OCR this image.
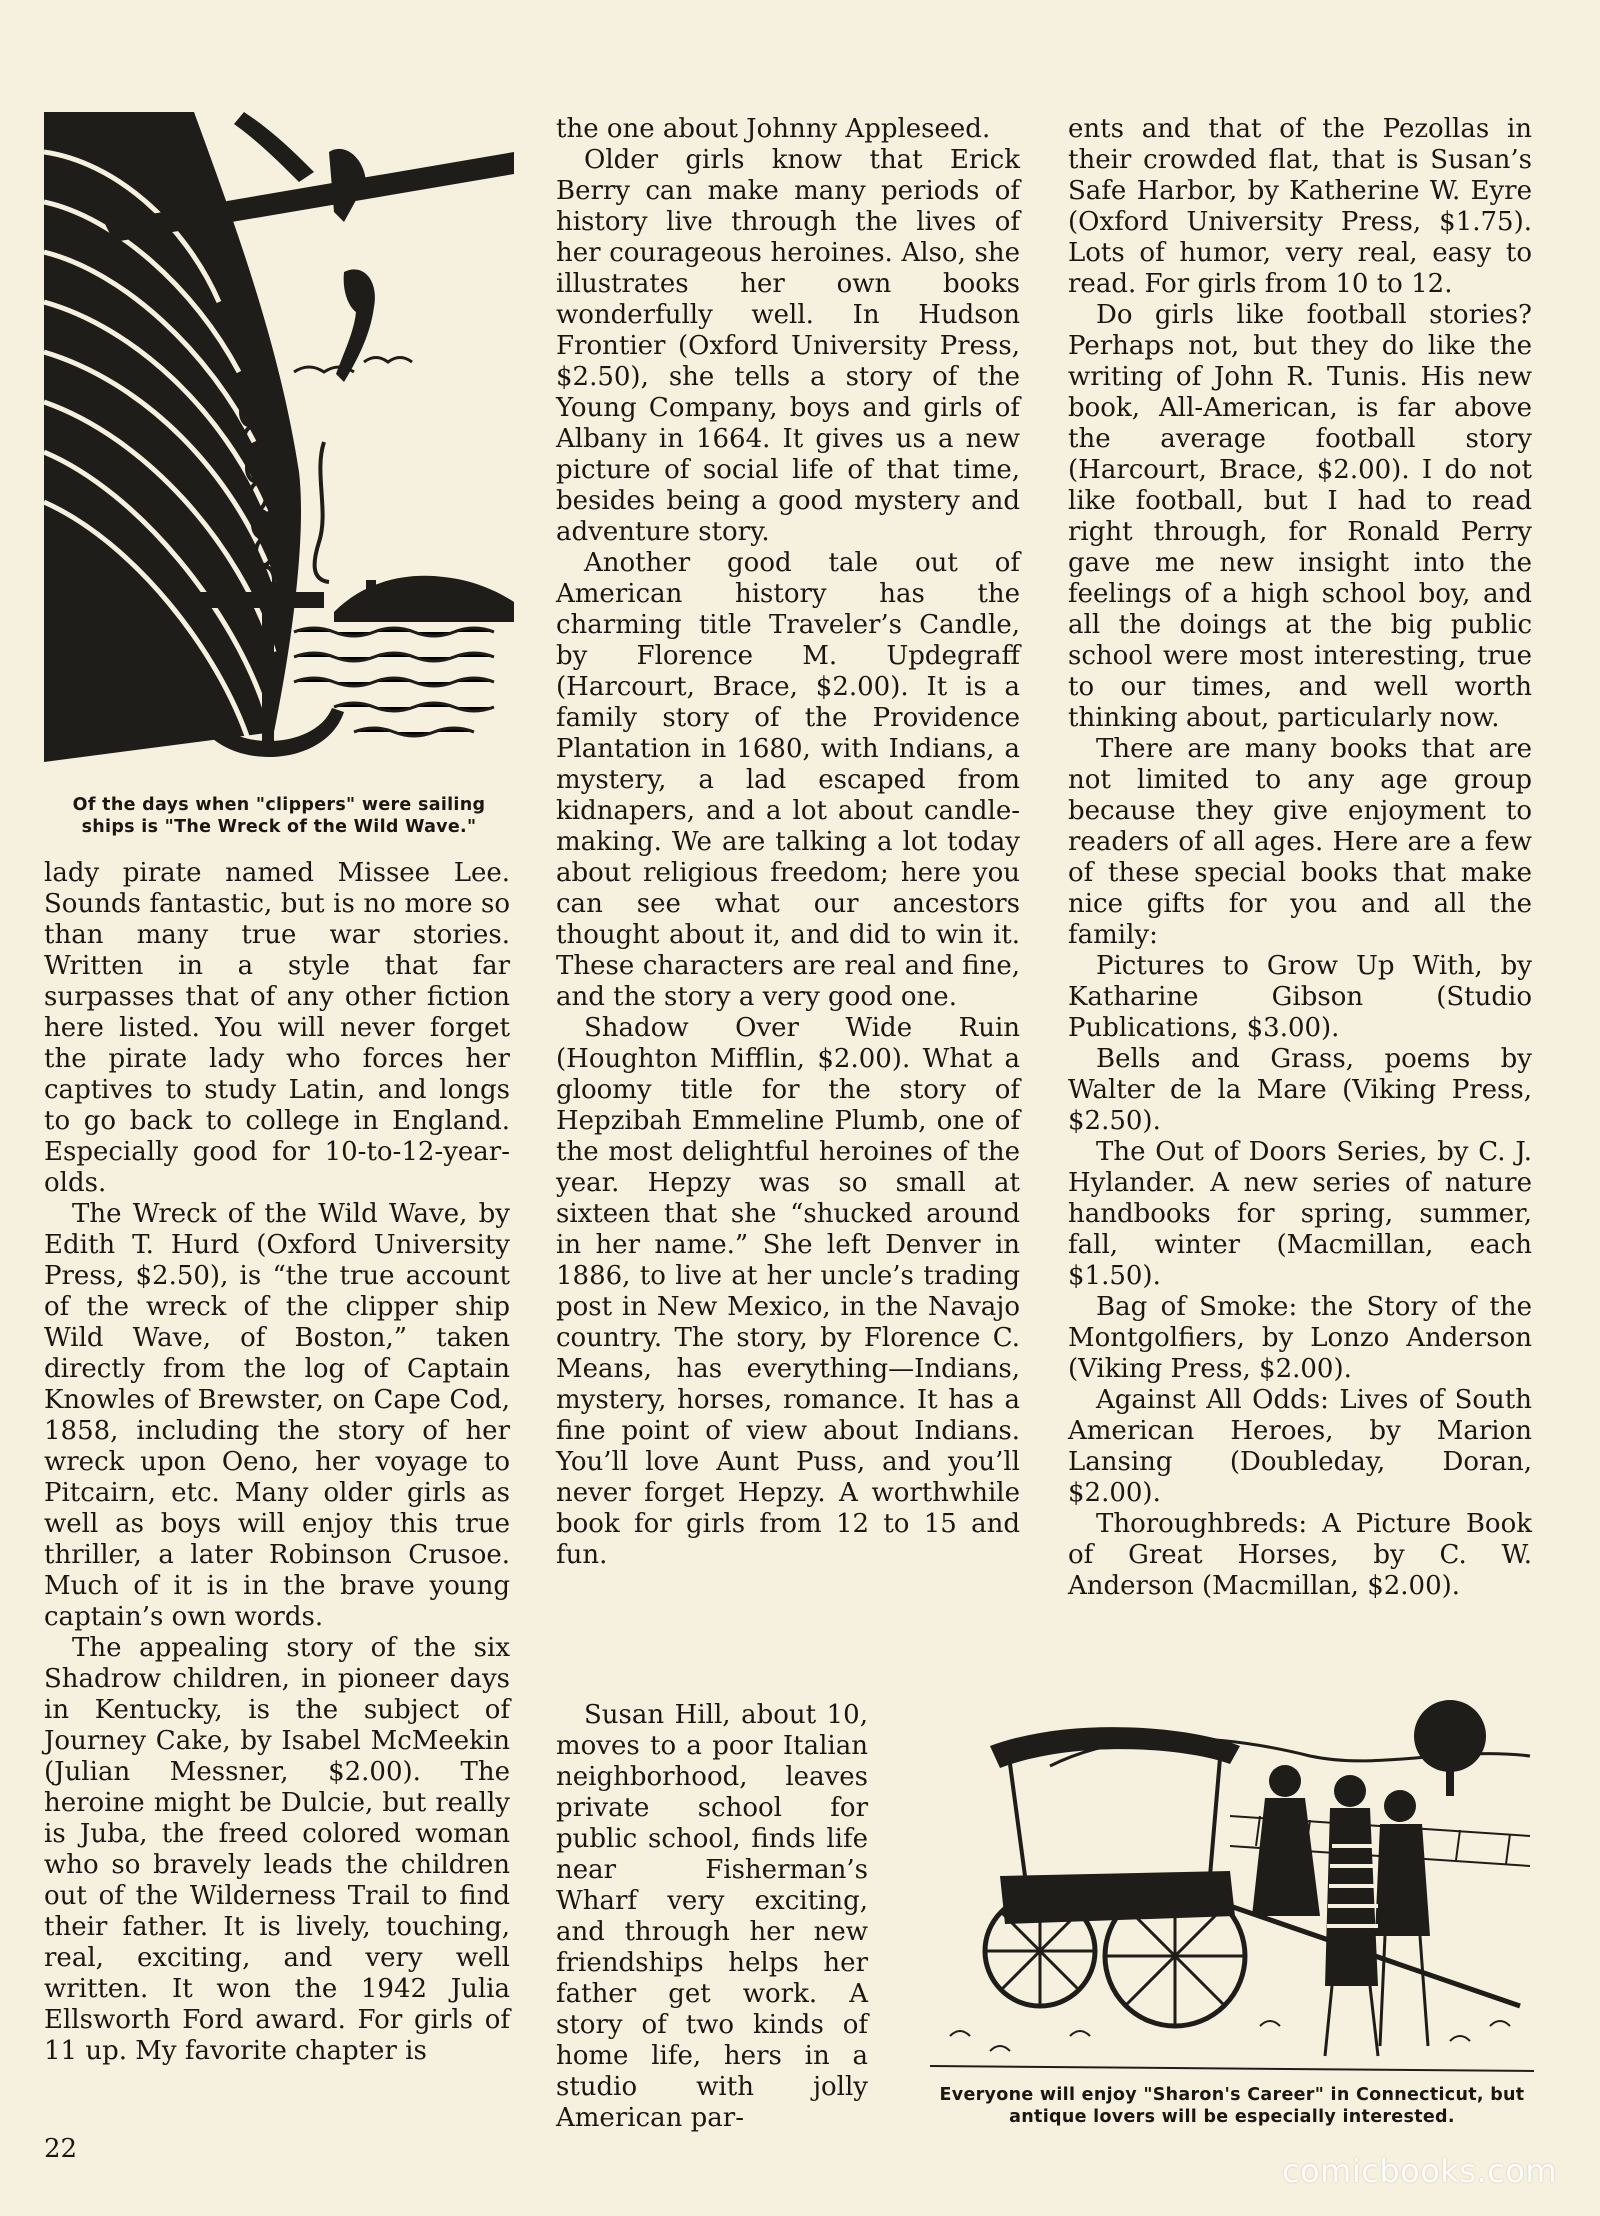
Of the days when "clippers" were sailing ships is "The Wreck of the Wild Wave."

lady pirate named Missee Lee. Sounds fantastic, but is no more so than many true war stories. Written in a style that far surpasses that of any other fiction here listed. You will never forget the pirate lady who forces her captives to study Latin, and longs to go back to college in England. Especially good for 10-to-12-year-olds.

The Wreck of the Wild Wave, by Edith T. Hurd (Oxford University Press, $2.50), is “the true account of the wreck of the clipper ship Wild Wave, of Boston,” taken directly from the log of Captain Knowles of Brewster, on Cape Cod, 1858, including the story of her wreck upon Oeno, her voyage to Pitcairn, etc. Many older girls as well as boys will enjoy this true thriller, a later Robinson Crusoe. Much of it is in the brave young captain’s own words.

The appealing story of the six Shadrow children, in pioneer days in Kentucky, is the subject of Journey Cake, by Isabel McMeekin (Julian Messner, $2.00). The heroine might be Dulcie, but really is Juba, the freed colored woman who so bravely leads the children out of the Wilderness Trail to find their father. It is lively, touching, real, exciting, and very well written. It won the 1942 Julia Ellsworth Ford award. For girls of 11 up. My favorite chapter is

the one about Johnny Appleseed.

Older girls know that Erick Berry can make many periods of history live through the lives of her courageous heroines. Also, she illustrates her own books wonderfully well. In Hudson Frontier (Oxford University Press, $2.50), she tells a story of the Young Company, boys and girls of Albany in 1664. It gives us a new picture of social life of that time, besides being a good mystery and adventure story.

Another good tale out of American history has the charming title Traveler’s Candle, by Florence M. Updegraff (Harcourt, Brace, $2.00). It is a family story of the Providence Plantation in 1680, with Indians, a mystery, a lad escaped from kidnapers, and a lot about candle-making. We are talking a lot today about religious freedom; here you can see what our ancestors thought about it, and did to win it. These characters are real and fine, and the story a very good one.

Shadow Over Wide Ruin (Houghton Mifflin, $2.00). What a gloomy title for the story of Hepzibah Emmeline Plumb, one of the most delightful heroines of the year. Hepzy was so small at sixteen that she “shucked around in her name.” She left Denver in 1886, to live at her uncle’s trading post in New Mexico, in the Navajo country. The story, by Florence C. Means, has everything—Indians, mystery, horses, romance. It has a fine point of view about Indians. You’ll love Aunt Puss, and you’ll never forget Hepzy. A worthwhile book for girls from 12 to 15 and fun.

Susan Hill, about 10, moves to a poor Italian neighborhood, leaves private school for public school, finds life near Fisherman’s Wharf very exciting, and through her new friendships helps her father get work. A story of two kinds of home life, hers in a studio with jolly American par-

ents and that of the Pezollas in their crowded flat, that is Susan’s Safe Harbor, by Katherine W. Eyre (Oxford University Press, $1.75). Lots of humor, very real, easy to read. For girls from 10 to 12.

Do girls like football stories? Perhaps not, but they do like the writing of John R. Tunis. His new book, All-American, is far above the average football story (Harcourt, Brace, $2.00). I do not like football, but I had to read right through, for Ronald Perry gave me new insight into the feelings of a high school boy, and all the doings at the big public school were most interesting, true to our times, and well worth thinking about, particularly now.

There are many books that are not limited to any age group because they give enjoyment to readers of all ages. Here are a few of these special books that make nice gifts for you and all the family:

Pictures to Grow Up With, by Katharine Gibson (Studio Publications, $3.00).

Bells and Grass, poems by Walter de la Mare (Viking Press, $2.50).

The Out of Doors Series, by C. J. Hylander. A new series of nature handbooks for spring, summer, fall, winter (Macmillan, each $1.50).

Bag of Smoke: the Story of the Montgolfiers, by Lonzo Anderson (Viking Press, $2.00).

Against All Odds: Lives of South American Heroes, by Marion Lansing (Doubleday, Doran, $2.00).

Thoroughbreds: A Picture Book of Great Horses, by C. W. Anderson (Macmillan, $2.00).

Everyone will enjoy "Sharon's Career" in Connecticut, but antique lovers will be especially interested.
22
comicbooks.com
